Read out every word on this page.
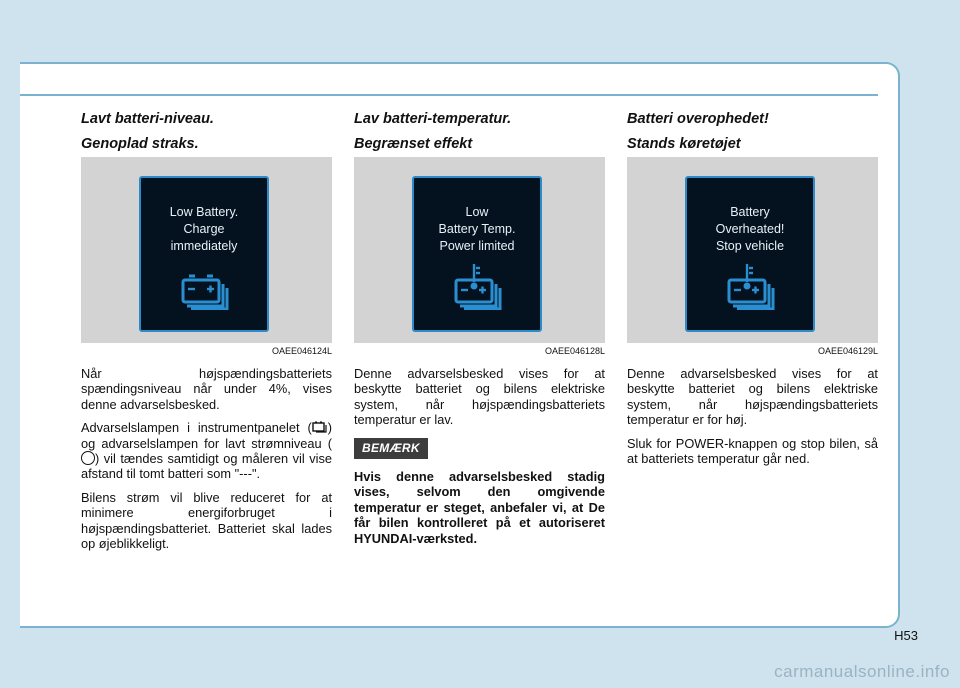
Lavt batteri-niveau.
Genoplad straks.
Low Battery.
Charge
immediately
OAEE046124L

Når højspændingsbatteriets spændingsniveau når under 4%, vises denne advarselsbesked.

Advarselslampen i instrumentpanelet ( ) og advarselslampen for lavt strømniveau () vil tændes samtidigt og måleren vil vise afstand til tomt batteri som "---".

Bilens strøm vil blive reduceret for at minimere energiforbruget i højspændingsbatteriet. Batteriet skal lades op øjeblikkeligt.

Lav batteri-temperatur.
Begrænset effekt
Low
Battery Temp.
Power limited
OAEE046128L

Denne advarselsbesked vises for at beskytte batteriet og bilens elektriske system, når højspændingsbatteriets temperatur er lav.

BEMÆRK

Hvis denne advarselsbesked stadig vises, selvom den omgivende temperatur er steget, anbefaler vi, at De får bilen kontrolleret på et autoriseret HYUNDAI-værksted.

Batteri overophedet!
Stands køretøjet
Battery
Overheated!
Stop vehicle
OAEE046129L

Denne advarselsbesked vises for at beskytte batteriet og bilens elektriske system, når højspændingsbatteriets temperatur er for høj.

Sluk for POWER-knappen og stop bilen, så at batteriets temperatur går ned.

H53
carmanualsonline.info
